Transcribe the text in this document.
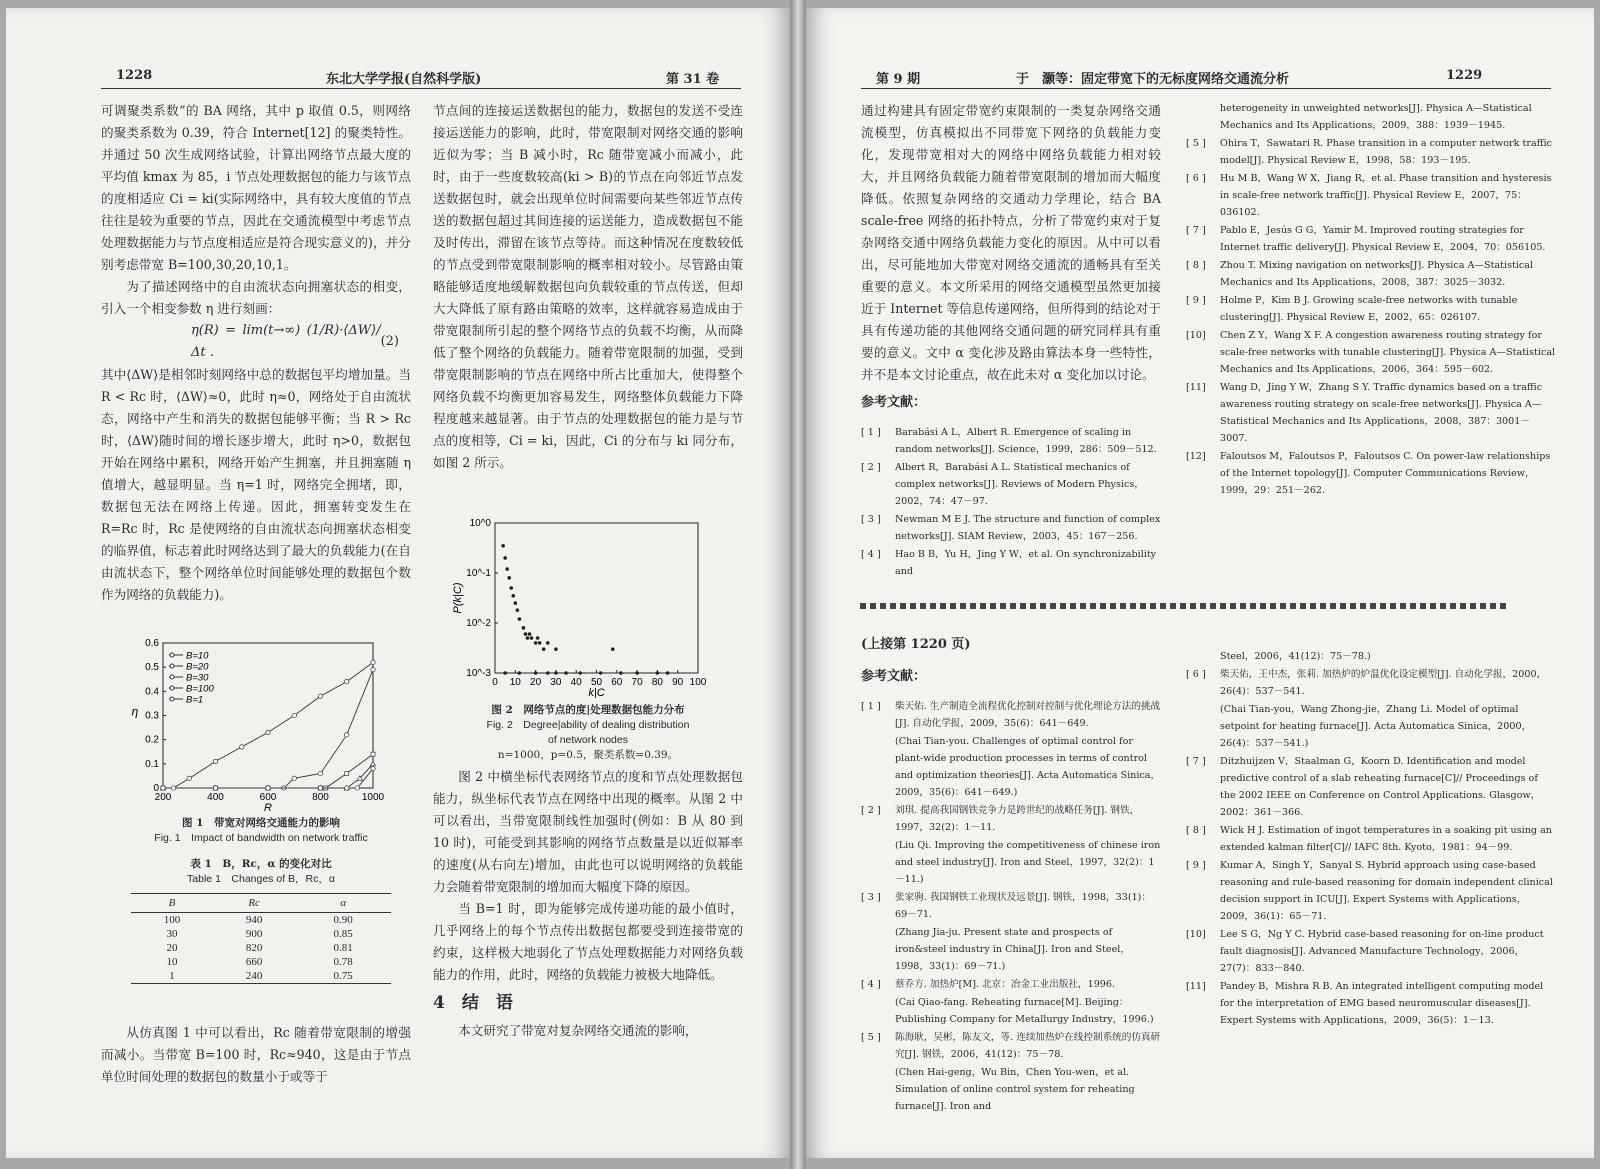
1228	东北大学学报(自然科学版)	第 31 卷

可调聚类系数”的 BA 网络，其中 p 取值 0.5，则网络的聚类系数为 0.39，符合 Internet[12] 的聚类特性。并通过 50 次生成网络试验，计算出网络节点最大度的平均值 kmax 为 85，i 节点处理数据包的能力与该节点的度相适应 Ci = ki(实际网络中，具有较大度值的节点往往是较为重要的节点，因此在交通流模型中考虑节点处理数据能力与节点度相适应是符合现实意义的)，并分别考虑带宽 B=100,30,20,10,1。

为了描述网络中的自由流状态向拥塞状态的相变，引入一个相变参数 η 进行刻画：

η(R) = lim(t→∞) (1/R)·⟨ΔW⟩/Δt ．
(2)

其中⟨ΔW⟩是相邻时刻网络中总的数据包平均增加量。当 R < Rc 时，⟨ΔW⟩≈0，此时 η≈0，网络处于自由流状态，网络中产生和消失的数据包能够平衡；当 R > Rc 时，⟨ΔW⟩随时间的增长逐步增大，此时 η>0，数据包开始在网络中累积，网络开始产生拥塞，并且拥塞随 η 值增大，越显明显。当 η=1 时，网络完全拥堵，即，数据包无法在网络上传递。因此，拥塞转变发生在 R=Rc 时，Rc 是使网络的自由流状态向拥塞状态相变的临界值，标志着此时网络达到了最大的负载能力(在自由流状态下，整个网络单位时间能够处理的数据包个数作为网络的负载能力)。

200	400	600	800	1000
0
0.1
0.2
0.3
0.4
0.5
0.6
R
η
B=10
B=20
B=30
B=100
B=1
图 1　带宽对网络交通能力的影响
Fig. 1　Impact of bandwidth on network traffic
表 1　B，Rc，α 的变化对比
Table 1　Changes of B，Rc，α
B	Rc	α
100	940	0.90
30	900	0.85
20	820	0.81
10	660	0.78
1	240	0.75

从仿真图 1 中可以看出，Rc 随着带宽限制的增强而减小。当带宽 B=100 时，Rc≈940，这是由于节点单位时间处理的数据包的数量小于或等于

节点间的连接运送数据包的能力，数据包的发送不受连接运送能力的影响，此时，带宽限制对网络交通的影响近似为零；当 B 减小时，Rc 随带宽减小而减小，此时，由于一些度数较高(ki > B)的节点在向邻近节点发送数据包时，就会出现单位时间需要向某些邻近节点传送的数据包超过其间连接的运送能力，造成数据包不能及时传出，滞留在该节点等待。而这种情况在度数较低的节点受到带宽限制影响的概率相对较小。尽管路由策略能够适度地缓解数据包向负载较重的节点传送，但却大大降低了原有路由策略的效率，这样就容易造成由于带宽限制所引起的整个网络节点的负载不均衡，从而降低了整个网络的负载能力。随着带宽限制的加强，受到带宽限制影响的节点在网络中所占比重加大，使得整个网络负载不均衡更加容易发生，网络整体负载能力下降程度越来越显著。由于节点的处理数据包的能力是与节点的度相等，Ci = ki，因此，Ci 的分布与 ki 同分布，如图 2 所示。

0 10 20 30 40 50 60 70 80 90 100
10^0
10^-1
10^-2
10^-3
k|C
P(k|C)
图 2　网络节点的度|处理数据包能力分布
Fig. 2　Degree|ability of dealing distribution
of network nodes
n=1000，p=0.5，聚类系数=0.39。

图 2 中横坐标代表网络节点的度和节点处理数据包能力，纵坐标代表节点在网络中出现的概率。从图 2 中可以看出，当带宽限制线性加强时(例如：B 从 80 到 10 时)，可能受到其影响的网络节点数量是以近似幂率的速度(从右向左)增加，由此也可以说明网络的负载能力会随着带宽限制的增加而大幅度下降的原因。

当 B=1 时，即为能够完成传递功能的最小值时，几乎网络上的每个节点传出数据包都要受到连接带宽的约束，这样极大地弱化了节点处理数据能力对网络负载能力的作用，此时，网络的负载能力被极大地降低。

4　结　语

本文研究了带宽对复杂网络交通流的影响，

第 9 期	于　灏等：固定带宽下的无标度网络交通流分析	1229

通过构建具有固定带宽约束限制的一类复杂网络交通流模型，仿真模拟出不同带宽下网络的负载能力变化，发现带宽相对大的网络中网络负载能力相对较大，并且网络负载能力随着带宽限制的增加而大幅度降低。依照复杂网络的交通动力学理论，结合 BA scale-free 网络的拓扑特点，分析了带宽约束对于复杂网络交通中网络负载能力变化的原因。从中可以看出，尽可能地加大带宽对网络交通流的通畅具有至关重要的意义。本文所采用的网络交通模型虽然更加接近于 Internet 等信息传递网络，但所得到的结论对于具有传递功能的其他网络交通问题的研究同样具有重要的意义。文中 α 变化涉及路由算法本身一些特性，并不是本文讨论重点，故在此未对 α 变化加以讨论。

参考文献：
[ 1 ]	Barabási A L，Albert R. Emergence of scaling in random networks[J]. Science，1999，286：509－512.
[ 2 ]	Albert R，Barabási A L. Statistical mechanics of complex networks[J]. Reviews of Modern Physics，2002，74：47－97.
[ 3 ]	Newman M E J. The structure and function of complex networks[J]. SIAM Review，2003，45：167－256.
[ 4 ]	Hao B B，Yu H，Jing Y W，et al. On synchronizability and
heterogeneity in unweighted networks[J]. Physica A—Statistical Mechanics and Its Applications，2009，388：1939－1945.
[ 5 ]	Ohira T，Sawatari R. Phase transition in a computer network traffic model[J]. Physical Review E，1998，58：193－195.
[ 6 ]	Hu M B，Wang W X，Jiang R，et al. Phase transition and hysteresis in scale-free network traffic[J]. Physical Review E，2007，75：036102.
[ 7 ]	Pablo E，Jesús G G，Yamir M. Improved routing strategies for Internet traffic delivery[J]. Physical Review E，2004，70：056105.
[ 8 ]	Zhou T. Mixing navigation on networks[J]. Physica A—Statistical Mechanics and Its Applications，2008，387：3025－3032.
[ 9 ]	Holme P，Kim B J. Growing scale-free networks with tunable clustering[J]. Physical Review E，2002，65：026107.
[10]	Chen Z Y，Wang X F. A congestion awareness routing strategy for scale-free networks with tunable clustering[J]. Physica A—Statistical Mechanics and Its Applications，2006，364：595－602.
[11]	Wang D，Jing Y W，Zhang S Y. Traffic dynamics based on a traffic awareness routing strategy on scale-free networks[J]. Physica A—Statistical Mechanics and Its Applications，2008，387：3001－3007.
[12]	Faloutsos M，Faloutsos P，Faloutsos C. On power-law relationships of the Internet topology[J]. Computer Communications Review，1999，29：251－262.
(上接第 1220 页)
参考文献：
[ 1 ]	柴天佑. 生产制造全流程优化控制对控制与优化理论方法的挑战[J]. 自动化学报，2009，35(6)：641－649.
(Chai Tian-you. Challenges of optimal control for plant-wide production processes in terms of control and optimization theories[J]. Acta Automatica Sinica，2009，35(6)：641－649.)
[ 2 ]	刘琪. 提高我国钢铁竞争力是跨世纪的战略任务[J]. 钢铁，1997，32(2)：1－11.
(Liu Qi. Improving the competitiveness of chinese iron and steel industry[J]. Iron and Steel，1997，32(2)：1－11.)
[ 3 ]	张家驹. 我国钢铁工业现状及远景[J]. 钢铁，1998，33(1)：69－71.
(Zhang Jia-ju. Present state and prospects of iron&steel industry in China[J]. Iron and Steel，1998，33(1)：69－71.)
[ 4 ]	蔡乔方. 加热炉[M]. 北京：冶金工业出版社，1996.
(Cai Qiao-fang. Reheating furnace[M]. Beijing：Publishing Company for Metallurgy Industry，1996.)
[ 5 ]	陈海耿，吴彬，陈友文，等. 连续加热炉在线控制系统的仿真研究[J]. 钢铁，2006，41(12)：75－78.
(Chen Hai-geng，Wu Bin，Chen You-wen，et al. Simulation of online control system for reheating furnace[J]. Iron and
Steel，2006，41(12)：75－78.)
[ 6 ]	柴天佑，王中杰，张莉. 加热炉的炉温优化设定模型[J]. 自动化学报，2000，26(4)：537－541.
(Chai Tian-you，Wang Zhong-jie，Zhang Li. Model of optimal setpoint for heating furnace[J]. Acta Automatica Sinica，2000，26(4)：537－541.)
[ 7 ]	Ditzhuijzen V，Staalman G，Koorn D. Identification and model predictive control of a slab reheating furnace[C]// Proceedings of the 2002 IEEE on Conference on Control Applications. Glasgow，2002：361－366.
[ 8 ]	Wick H J. Estimation of ingot temperatures in a soaking pit using an extended kalman filter[C]// IAFC 8th. Kyoto，1981：94－99.
[ 9 ]	Kumar A，Singh Y，Sanyal S. Hybrid approach using case-based reasoning and rule-based reasoning for domain independent clinical decision support in ICU[J]. Expert Systems with Applications，2009，36(1)：65－71.
[10]	Lee S G，Ng Y C. Hybrid case-based reasoning for on-line product fault diagnosis[J]. Advanced Manufacture Technology，2006，27(7)：833－840.
[11]	Pandey B，Mishra R B. An integrated intelligent computing model for the interpretation of EMG based neuromuscular diseases[J]. Expert Systems with Applications，2009，36(5)：1－13.
